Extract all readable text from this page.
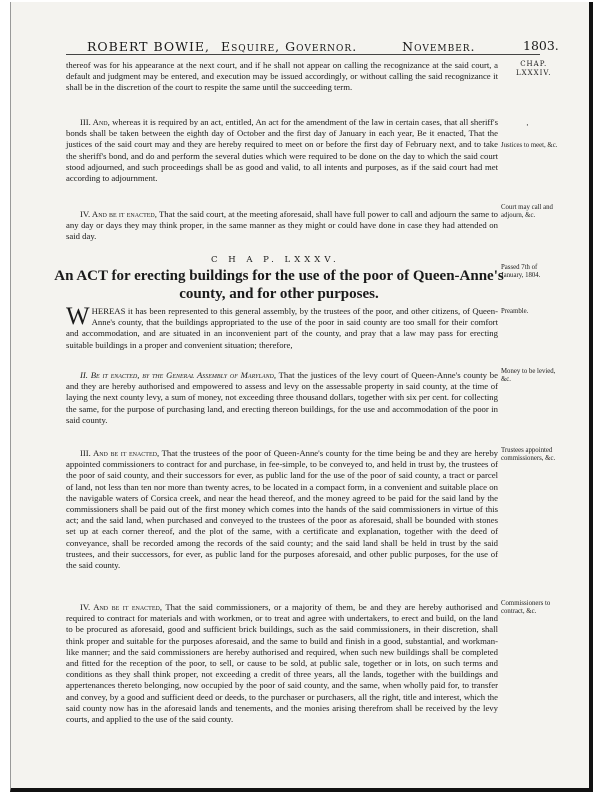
ROBERT BOWIE, Esquire, Governor.	November.	1803.
CHAP.
LXXXIV.
·
thereof was for his appearance at the next court, and if he shall not appear on calling the recognizance at the said court, a default and judgment may be entered, and execution may be issued accordingly, or without calling the said recognizance it shall be in the discretion of the court to respite the same until the succeeding term.
III. And, whereas it is required by an act, entitled, An act for the amendment of the law in certain cases, that all sheriff's bonds shall be taken between the eighth day of October and the first day of January in each year, Be it enacted, That the justices of the said court may and they are hereby required to meet on or before the first day of February next, and to take the sheriff's bond, and do and perform the several duties which were required to be done on the day to which the said court stood adjourned, and such proceedings shall be as good and valid, to all intents and purposes, as if the said court had met according to adjournment.
Justices to meet, &c.
IV. And be it enacted, That the said court, at the meeting aforesaid, shall have full power to call and adjourn the same to any day or days they may think proper, in the same manner as they might or could have done in case they had attended on said day.
Court may call and adjourn, &c.
C H A P. LXXXV.
An ACT for erecting buildings for the use of the poor of Queen-Anne's county, and for other purposes.
Passed 7th of January, 1804.
W HEREAS it has been represented to this general assembly, by the trustees of the poor, and other citizens, of Queen-Anne's county, that the buildings appropriated to the use of the poor in said county are too small for their comfort and accommodation, and are situated in an inconvenient part of the county, and pray that a law may pass for erecting suitable buildings in a proper and convenient situation; therefore,
Preamble.
II. Be it enacted, by the General Assembly of Maryland, That the justices of the levy court of Queen-Anne's county be and they are hereby authorised and empowered to assess and levy on the assessable property in said county, at the time of laying the next county levy, a sum of money, not exceeding three thousand dollars, together with six per cent. for collecting the same, for the purpose of purchasing land, and erecting thereon buildings, for the use and accommodation of the poor in said county.
Money to be levied, &c.
III. And be it enacted, That the trustees of the poor of Queen-Anne's county for the time being be and they are hereby appointed commissioners to contract for and purchase, in fee-simple, to be conveyed to, and held in trust by, the trustees of the poor of said county, and their successors for ever, as public land for the use of the poor of said county, a tract or parcel of land, not less than ten nor more than twenty acres, to be located in a compact form, in a convenient and suitable place on the navigable waters of Corsica creek, and near the head thereof, and the money agreed to be paid for the said land by the commissioners shall be paid out of the first money which comes into the hands of the said commissioners in virtue of this act; and the said land, when purchased and conveyed to the trustees of the poor as aforesaid, shall be bounded with stones set up at each corner thereof, and the plot of the same, with a certificate and explanation, together with the deed of conveyance, shall be recorded among the records of the said county; and the said land shall be held in trust by the said trustees, and their successors, for ever, as public land for the purposes aforesaid, and other public purposes, for the use of the said county.
Trustees appointed commissioners, &c.
IV. And be it enacted, That the said commissioners, or a majority of them, be and they are hereby authorised and required to contract for materials and with workmen, or to treat and agree with undertakers, to erect and build, on the land to be procured as aforesaid, good and sufficient brick buildings, such as the said commissioners, in their discretion, shall think proper and suitable for the purposes aforesaid, and the same to build and finish in a good, substantial, and workman-like manner; and the said commissioners are hereby authorised and required, when such new buildings shall be completed and fitted for the reception of the poor, to sell, or cause to be sold, at public sale, together or in lots, on such terms and conditions as they shall think proper, not exceeding a credit of three years, all the lands, together with the buildings and appertenances thereto belonging, now occupied by the poor of said county, and the same, when wholly paid for, to transfer and convey, by a good and sufficient deed or deeds, to the purchaser or purchasers, all the right, title and interest, which the said county now has in the aforesaid lands and tenements, and the monies arising therefrom shall be received by the levy courts, and applied to the use of the said county.
Commissioners to contract, &c.
